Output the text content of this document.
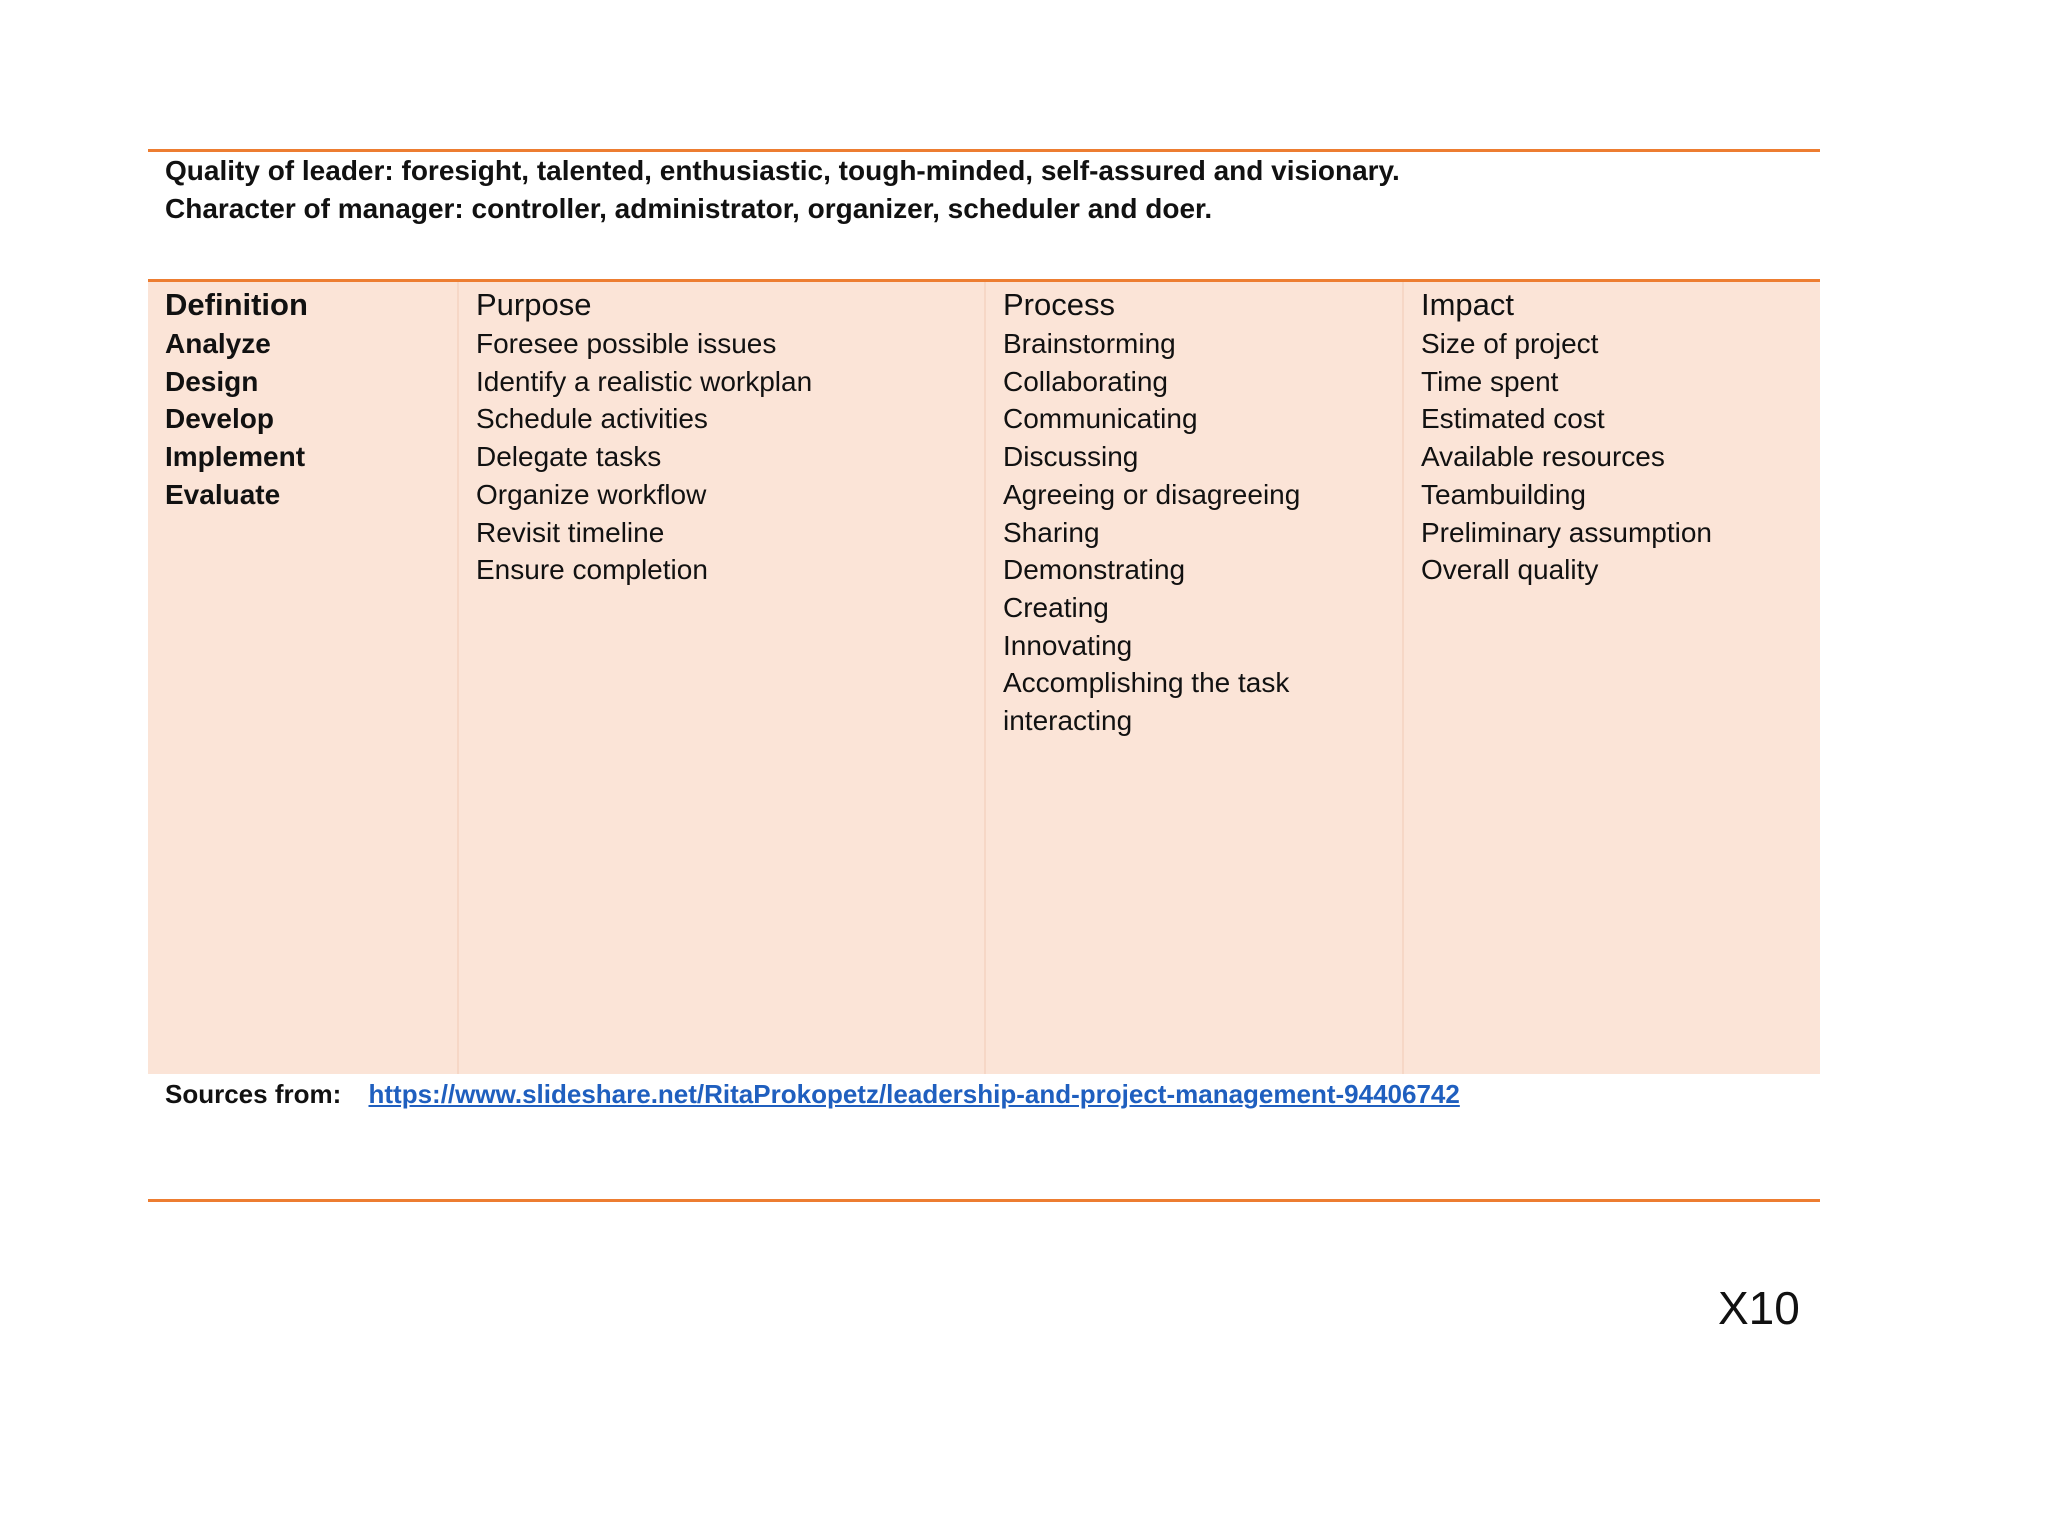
Quality of leader: foresight, talented, enthusiastic, tough-minded, self-assured and visionary.
Character of manager: controller, administrator, organizer, scheduler and doer.
Definition
Analyze
Design
Develop
Implement
Evaluate
Purpose
Foresee possible issues
Identify a realistic workplan
Schedule activities
Delegate tasks
Organize workflow
Revisit timeline
Ensure completion
Process
Brainstorming
Collaborating
Communicating
Discussing
Agreeing or disagreeing
Sharing
Demonstrating
Creating
Innovating
Accomplishing the task
interacting
Impact
Size of project
Time spent
Estimated cost
Available resources
Teambuilding
Preliminary assumption
Overall quality
Sources from: https://www.slideshare.net/RitaProkopetz/leadership-and-project-management-94406742
X10
